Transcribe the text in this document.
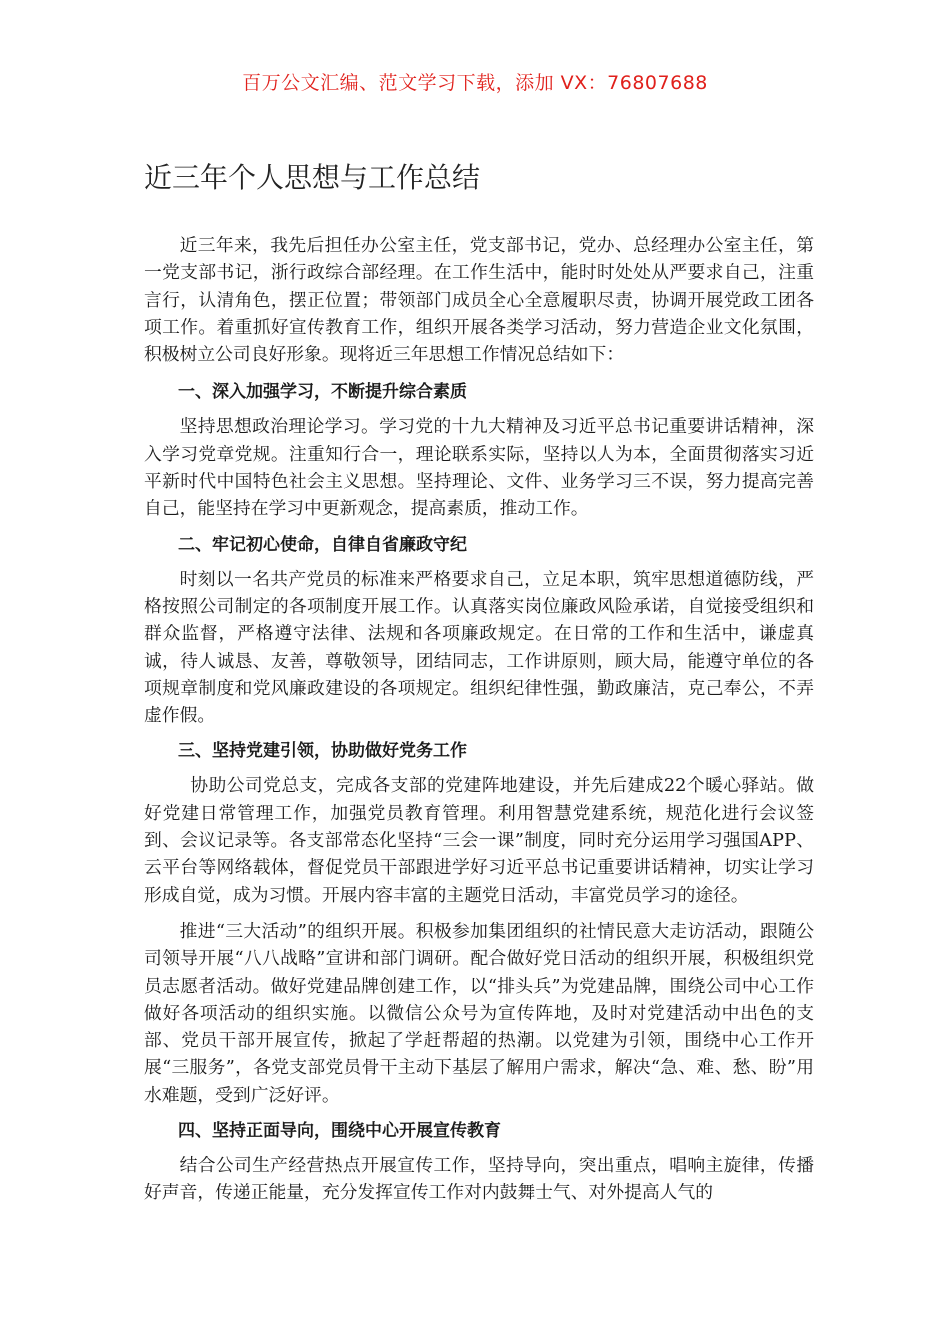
百万公文汇编、范文学习下载，添加 VX：76807688
近三年个人思想与工作总结

近三年来，我先后担任办公室主任，党支部书记，党办、总经理办公室主任，第一党支部书记，浙行政综合部经理。在工作生活中，能时时处处从严要求自己，注重言行，认清角色，摆正位置；带领部门成员全心全意履职尽责，协调开展党政工团各项工作。着重抓好宣传教育工作，组织开展各类学习活动，努力营造企业文化氛围，积极树立公司良好形象。现将近三年思想工作情况总结如下：

一、深入加强学习，不断提升综合素质

坚持思想政治理论学习。学习党的十九大精神及习近平总书记重要讲话精神，深入学习党章党规。注重知行合一，理论联系实际，坚持以人为本，全面贯彻落实习近平新时代中国特色社会主义思想。坚持理论、文件、业务学习三不误，努力提高完善自己，能坚持在学习中更新观念，提高素质，推动工作。

二、牢记初心使命，自律自省廉政守纪

时刻以一名共产党员的标准来严格要求自己，立足本职，筑牢思想道德防线，严格按照公司制定的各项制度开展工作。认真落实岗位廉政风险承诺，自觉接受组织和群众监督，严格遵守法律、法规和各项廉政规定。在日常的工作和生活中，谦虚真诚，待人诚恳、友善，尊敬领导，团结同志，工作讲原则，顾大局，能遵守单位的各项规章制度和党风廉政建设的各项规定。组织纪律性强，勤政廉洁，克己奉公，不弄虚作假。

三、坚持党建引领，协助做好党务工作

协助公司党总支，完成各支部的党建阵地建设，并先后建成22个暖心驿站。做好党建日常管理工作，加强党员教育管理。利用智慧党建系统，规范化进行会议签到、会议记录等。各支部常态化坚持“三会一课”制度，同时充分运用学习强国APP、云平台等网络载体，督促党员干部跟进学好习近平总书记重要讲话精神，切实让学习形成自觉，成为习惯。开展内容丰富的主题党日活动，丰富党员学习的途径。

推进“三大活动”的组织开展。积极参加集团组织的社情民意大走访活动，跟随公司领导开展“八八战略”宣讲和部门调研。配合做好党日活动的组织开展，积极组织党员志愿者活动。做好党建品牌创建工作，以“排头兵”为党建品牌，围绕公司中心工作做好各项活动的组织实施。以微信公众号为宣传阵地，及时对党建活动中出色的支部、党员干部开展宣传，掀起了学赶帮超的热潮。以党建为引领，围绕中心工作开展“三服务”，各党支部党员骨干主动下基层了解用户需求，解决“急、难、愁、盼”用水难题，受到广泛好评。

四、坚持正面导向，围绕中心开展宣传教育

结合公司生产经营热点开展宣传工作，坚持导向，突出重点，唱响主旋律，传播好声音，传递正能量，充分发挥宣传工作对内鼓舞士气、对外提高人气的
